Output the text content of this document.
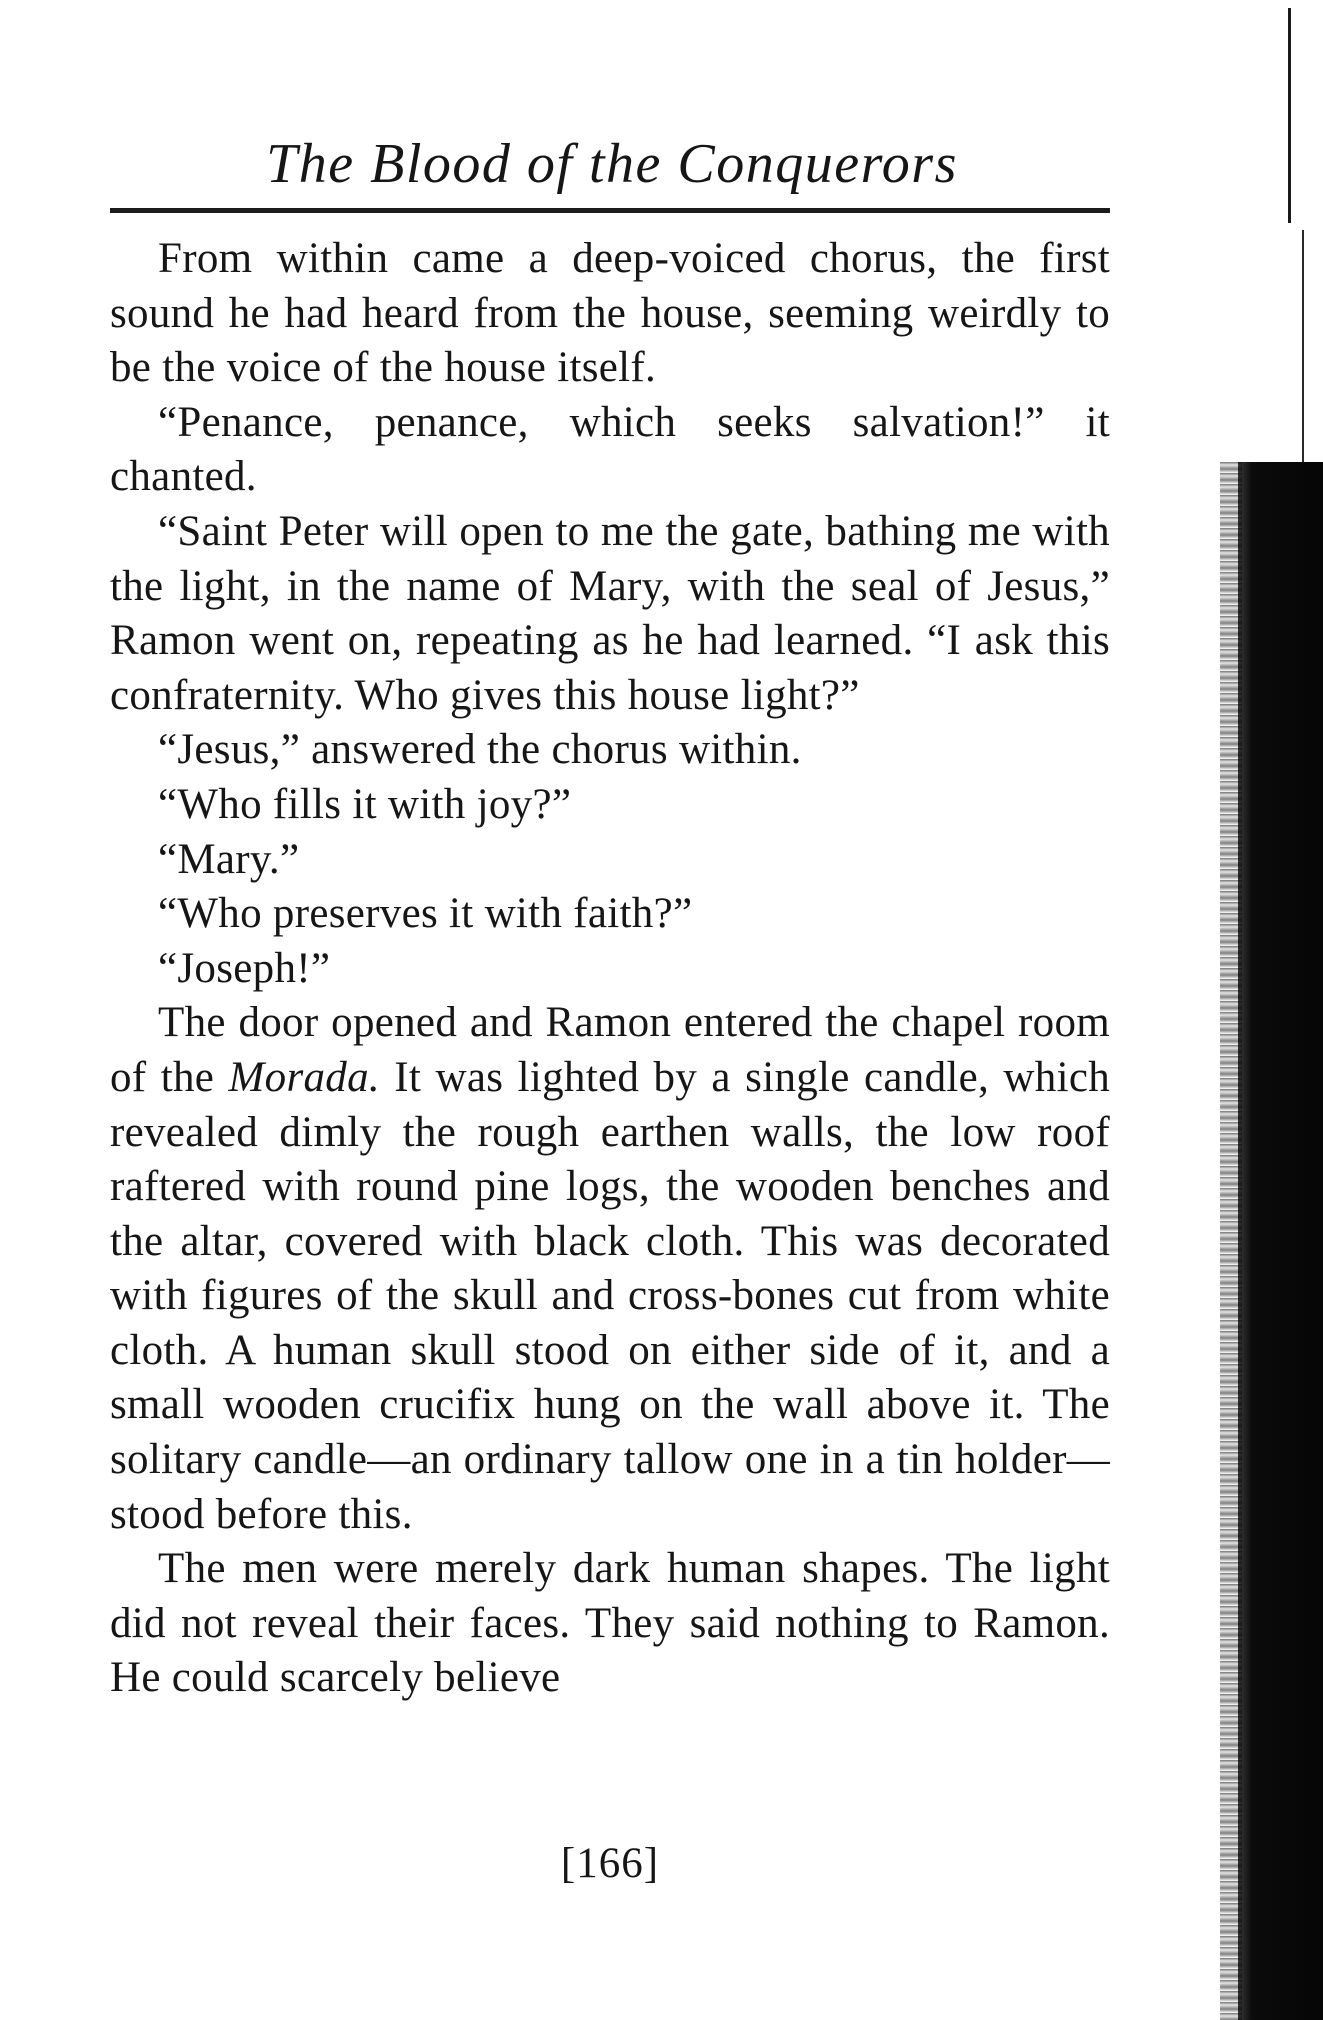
The Blood of the Conquerors

From within came a deep-voiced chorus, the first sound he had heard from the house, seeming weirdly to be the voice of the house itself.

“Penance, penance, which seeks salvation!” it chanted.

“Saint Peter will open to me the gate, bathing me with the light, in the name of Mary, with the seal of Jesus,” Ramon went on, repeating as he had learned. “I ask this confraternity. Who gives this house light?”

“Jesus,” answered the chorus within.

“Who fills it with joy?”

“Mary.”

“Who preserves it with faith?”

“Joseph!”

The door opened and Ramon entered the chapel room of the Morada. It was lighted by a single candle, which revealed dimly the rough earthen walls, the low roof raftered with round pine logs, the wooden benches and the altar, covered with black cloth. This was decorated with figures of the skull and cross-bones cut from white cloth. A human skull stood on either side of it, and a small wooden crucifix hung on the wall above it. The solitary candle—an ordinary tallow one in a tin holder—stood before this.

The men were merely dark human shapes. The light did not reveal their faces. They said nothing to Ramon. He could scarcely believe

[166]
